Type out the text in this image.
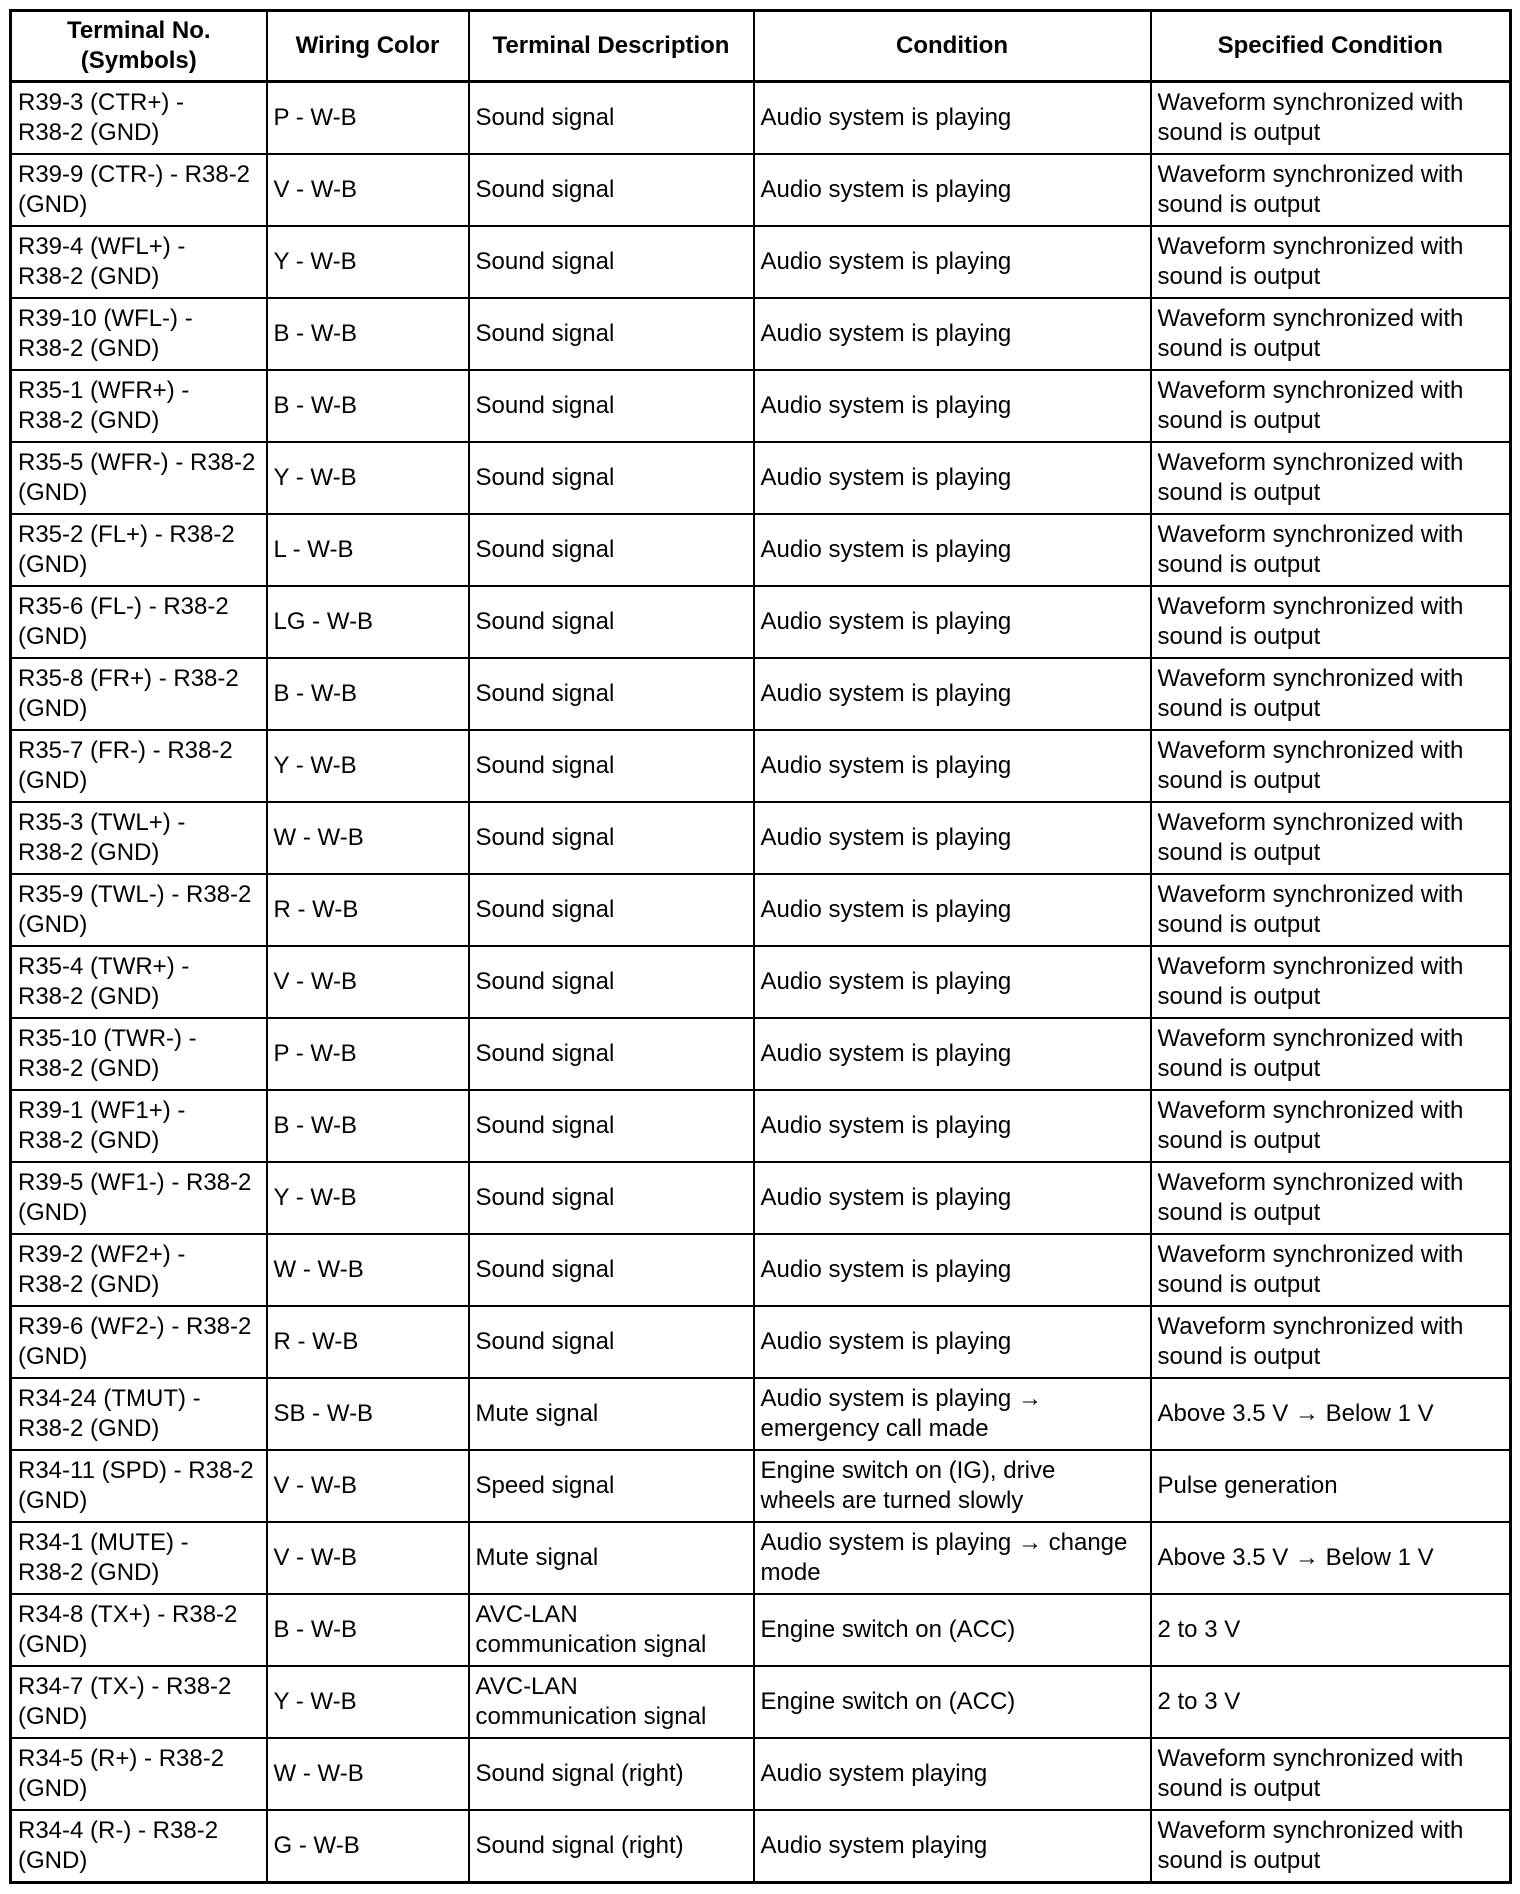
Terminal No.
(Symbols)	Wiring Color	Terminal Description	Condition	Specified Condition
R39-3 (CTR+) -
R38-2 (GND)	P - W-B	Sound signal	Audio system is playing	Waveform synchronized with
sound is output
R39-9 (CTR-) - R38-2
(GND)	V - W-B	Sound signal	Audio system is playing	Waveform synchronized with
sound is output
R39-4 (WFL+) -
R38-2 (GND)	Y - W-B	Sound signal	Audio system is playing	Waveform synchronized with
sound is output
R39-10 (WFL-) -
R38-2 (GND)	B - W-B	Sound signal	Audio system is playing	Waveform synchronized with
sound is output
R35-1 (WFR+) -
R38-2 (GND)	B - W-B	Sound signal	Audio system is playing	Waveform synchronized with
sound is output
R35-5 (WFR-) - R38-2
(GND)	Y - W-B	Sound signal	Audio system is playing	Waveform synchronized with
sound is output
R35-2 (FL+) - R38-2
(GND)	L - W-B	Sound signal	Audio system is playing	Waveform synchronized with
sound is output
R35-6 (FL-) - R38-2
(GND)	LG - W-B	Sound signal	Audio system is playing	Waveform synchronized with
sound is output
R35-8 (FR+) - R38-2
(GND)	B - W-B	Sound signal	Audio system is playing	Waveform synchronized with
sound is output
R35-7 (FR-) - R38-2
(GND)	Y - W-B	Sound signal	Audio system is playing	Waveform synchronized with
sound is output
R35-3 (TWL+) -
R38-2 (GND)	W - W-B	Sound signal	Audio system is playing	Waveform synchronized with
sound is output
R35-9 (TWL-) - R38-2
(GND)	R - W-B	Sound signal	Audio system is playing	Waveform synchronized with
sound is output
R35-4 (TWR+) -
R38-2 (GND)	V - W-B	Sound signal	Audio system is playing	Waveform synchronized with
sound is output
R35-10 (TWR-) -
R38-2 (GND)	P - W-B	Sound signal	Audio system is playing	Waveform synchronized with
sound is output
R39-1 (WF1+) -
R38-2 (GND)	B - W-B	Sound signal	Audio system is playing	Waveform synchronized with
sound is output
R39-5 (WF1-) - R38-2
(GND)	Y - W-B	Sound signal	Audio system is playing	Waveform synchronized with
sound is output
R39-2 (WF2+) -
R38-2 (GND)	W - W-B	Sound signal	Audio system is playing	Waveform synchronized with
sound is output
R39-6 (WF2-) - R38-2
(GND)	R - W-B	Sound signal	Audio system is playing	Waveform synchronized with
sound is output
R34-24 (TMUT) -
R38-2 (GND)	SB - W-B	Mute signal	Audio system is playing →
emergency call made	Above 3.5 V → Below 1 V
R34-11 (SPD) - R38-2
(GND)	V - W-B	Speed signal	Engine switch on (IG), drive
wheels are turned slowly	Pulse generation
R34-1 (MUTE) -
R38-2 (GND)	V - W-B	Mute signal	Audio system is playing → change
mode	Above 3.5 V → Below 1 V
R34-8 (TX+) - R38-2
(GND)	B - W-B	AVC-LAN
communication signal	Engine switch on (ACC)	2 to 3 V
R34-7 (TX-) - R38-2
(GND)	Y - W-B	AVC-LAN
communication signal	Engine switch on (ACC)	2 to 3 V
R34-5 (R+) - R38-2
(GND)	W - W-B	Sound signal (right)	Audio system playing	Waveform synchronized with
sound is output
R34-4 (R-) - R38-2
(GND)	G - W-B	Sound signal (right)	Audio system playing	Waveform synchronized with
sound is output
